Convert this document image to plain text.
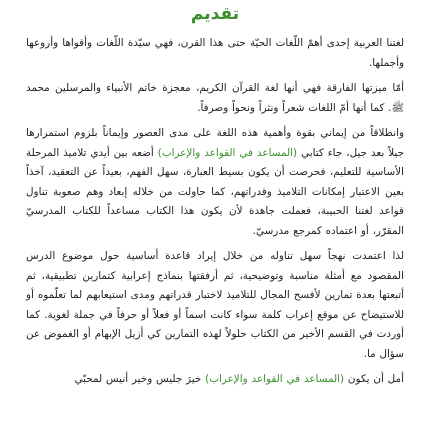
تقديم

لغتنا العربية إحدى أهمّ اللّغات الحيّة حتى هذا القرن، فهي سيّدة اللّغات وأقواها وأروعها وأجملها.

أمّا ميزتها الفارقة فهي أنها لغة القرآن الكريم، معجزة خاتم الأنبياء والمرسلين محمد ﷺ. كما أنها أمّ اللغات شعراً ونثراً ونحواً وصرفاً.

وانطلاقاً من إيماني بقوة وأهمية هذه اللغة على مدى العصور وإيماناً بلزوم استمرارها جيلاً بعد جيل، جاء كتابي (المساعد في القواعد والإعراب) أضعه بين أيدي تلاميذ المرحلة الأساسية للتعليم، فحرصت أن يكون بسيط العبارة، سهل الفهم، بعيداً عن التعقيد، آخذاً بعين الاعتبار إمكانات التلاميذ وقدراتهم، كما حاولت من خلاله إبعاد وهم صعوبة تناول قواعد لغتنا الحبيبة، فعملت جاهدة لأن يكون هذا الكتاب مساعداً للكتاب المدرسيّ المقرّر، أو اعتماده كمرجع مدرسيّ.

لذا اعتمدت نهجاً سهل تناوله من خلال إيراد قاعدة أساسية حول موضوع الدرس المقصود مع أمثلة مناسبة وتوضيحية، ثم أرفقتها بنماذج إعرابية كتمارين تطبيقية، ثم أتبعتها بعدة تمارين لأفسح المجال للتلاميذ لاختبار قدراتهم ومدى استيعابهم لما تعلّموه أو للاستيضاح عن موقع إعراب كلمة سواء كانت اسماً أو فعلاً أو حرفاً في جملة لغوية. كما أوردت في القسم الأخير من الكتاب حلولاً لهذه التمارين كي أزيل الإبهام أو الغموض عن سؤال ما.

أمل أن يكون (المساعد في القواعد والإعراب) خيرَ جليس وخير أنيس لمحبّي
